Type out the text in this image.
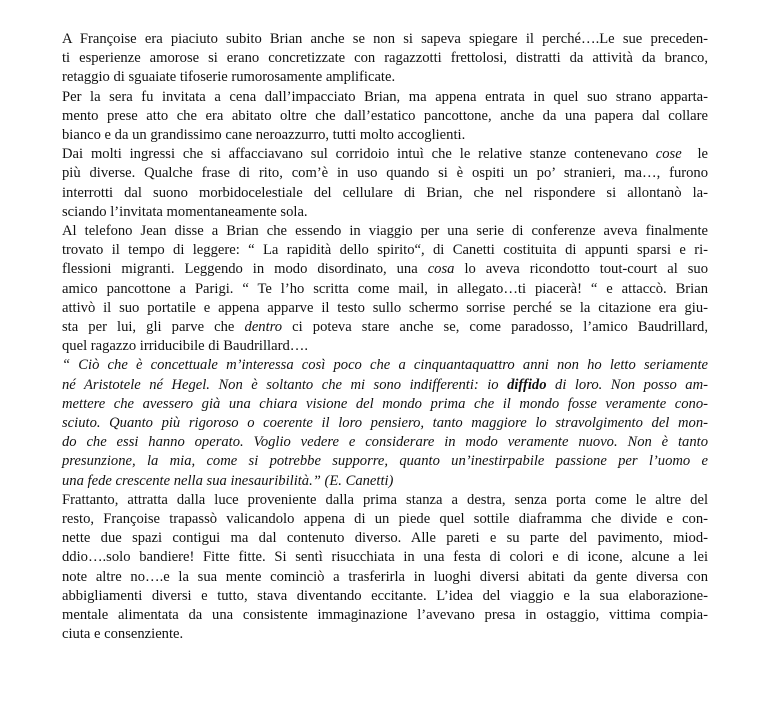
A Françoise era piaciuto subito Brian anche se non si sapeva spiegare il perché….Le sue preceden-
ti esperienze amorose si erano concretizzate con ragazzotti frettolosi, distratti da attività da branco,
retaggio di sguaiate tifoserie rumorosamente amplificate.
Per la sera fu invitata a cena dall’impacciato Brian, ma appena entrata in quel suo strano apparta-
mento prese atto che era abitato oltre che dall’estatico pancottone, anche da una papera dal collare
bianco e da un grandissimo cane neroazzurro, tutti molto accoglienti.
Dai molti ingressi che si affacciavano sul corridoio intuì che le relative stanze contenevano cose le
più diverse. Qualche frase di rito, com’è in uso quando si è ospiti un po’ stranieri, ma…, furono
interrotti dal suono morbidocelestiale del cellulare di Brian, che nel rispondere si allontanò la-
sciando l’invitata momentaneamente sola.
Al telefono Jean disse a Brian che essendo in viaggio per una serie di conferenze aveva finalmente
trovato il tempo di leggere: “ La rapidità dello spirito“, di Canetti costituita di appunti sparsi e ri-
flessioni migranti. Leggendo in modo disordinato, una cosa lo aveva ricondotto tout-court al suo
amico pancottone a Parigi. “ Te l’ho scritta come mail, in allegato…ti piacerà! “ e attaccò. Brian
attivò il suo portatile e appena apparve il testo sullo schermo sorrise perché se la citazione era giu-
sta per lui, gli parve che dentro ci poteva stare anche se, come paradosso, l’amico Baudrillard,
quel ragazzo irriducibile di Baudrillard….
“ Ciò che è concettuale m’interessa così poco che a cinquantaquattro anni non ho letto seriamente
né Aristotele né Hegel. Non è soltanto che mi sono indifferenti: io diffido di loro. Non posso am-
mettere che avessero già una chiara visione del mondo prima che il mondo fosse veramente cono-
sciuto. Quanto più rigoroso o coerente il loro pensiero, tanto maggiore lo stravolgimento del mon-
do che essi hanno operato. Voglio vedere e considerare in modo veramente nuovo. Non è tanto
presunzione, la mia, come si potrebbe supporre, quanto un’inestirpabile passione per l’uomo e
una fede crescente nella sua inesauribilità.” (E. Canetti)
Frattanto, attratta dalla luce proveniente dalla prima stanza a destra, senza porta come le altre del
resto, Françoise trapassò valicandolo appena di un piede quel sottile diaframma che divide e con-
nette due spazi contigui ma dal contenuto diverso. Alle pareti e su parte del pavimento, miod-
ddio….solo bandiere! Fitte fitte. Si sentì risucchiata in una festa di colori e di icone, alcune a lei
note altre no….e la sua mente cominciò a trasferirla in luoghi diversi abitati da gente diversa con
abbigliamenti diversi e tutto, stava diventando eccitante. L’idea del viaggio e la sua elaborazione-
mentale alimentata da una consistente immaginazione l’avevano presa in ostaggio, vittima compia-
ciuta e consenziente.
